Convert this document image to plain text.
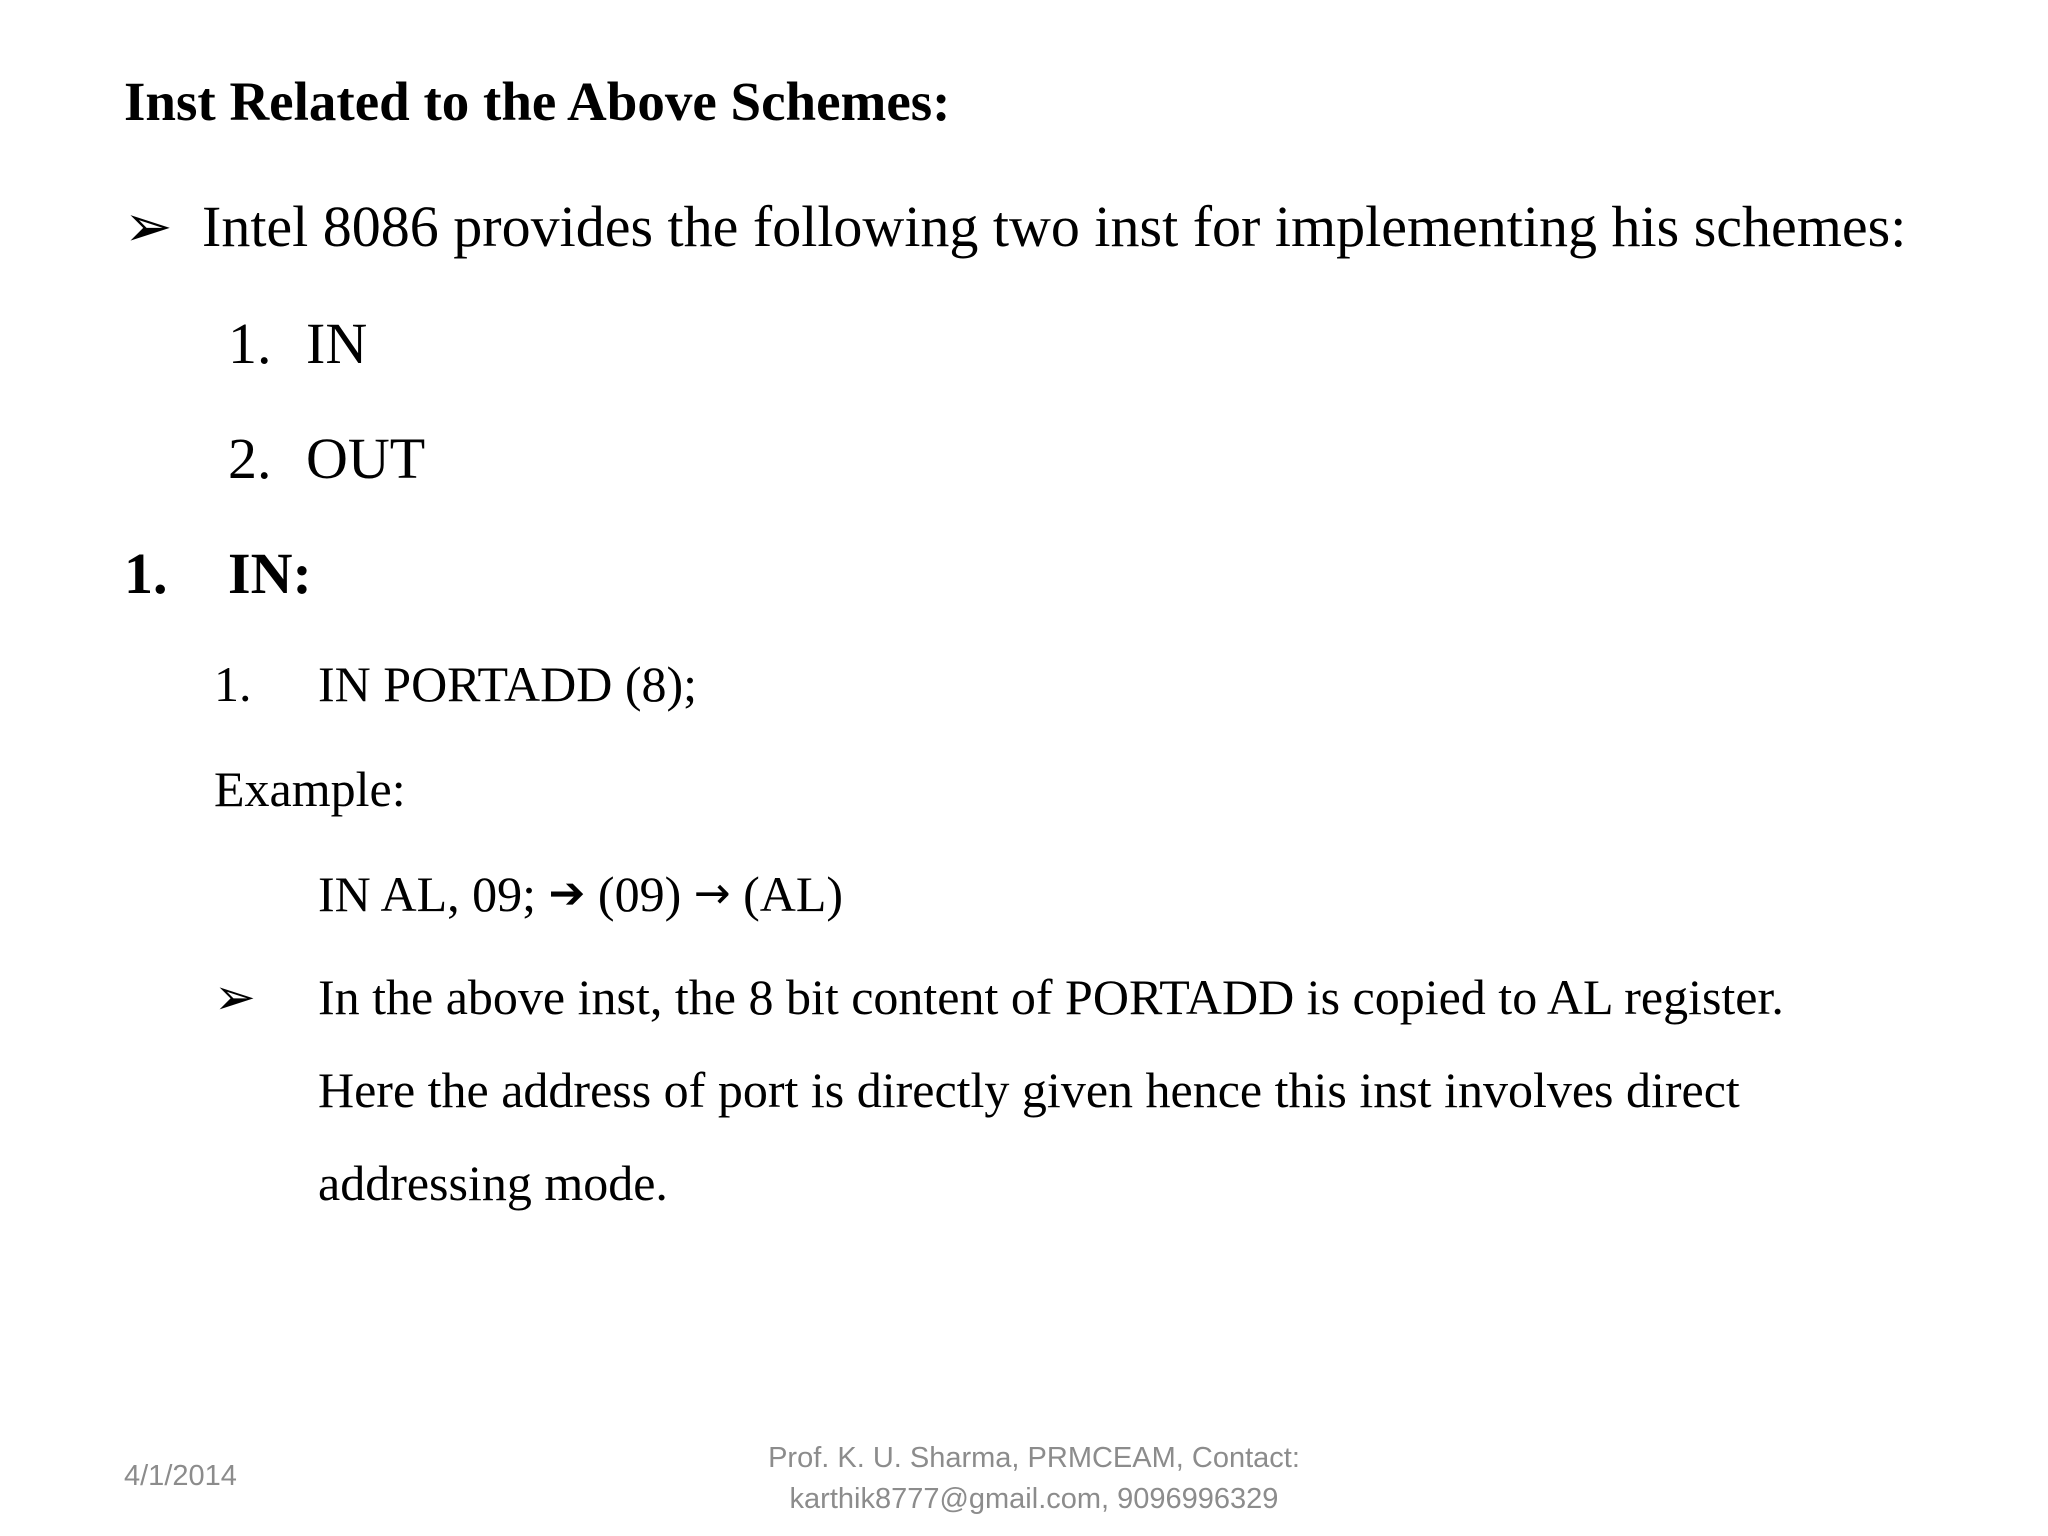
Inst Related to the Above Schemes:
➢ Intel 8086 provides the following two inst for implementing his schemes:
1. IN
2. OUT
1. IN:
1. IN PORTADD (8);
Example:
IN AL, 09; ➔ (09) → (AL)
➢ In the above inst, the 8 bit content of PORTADD is copied to AL register.
Here the address of port is directly given hence this inst involves direct
addressing mode.
4/1/2014
Prof. K. U. Sharma, PRMCEAM, Contact:
karthik8777@gmail.com, 9096996329
